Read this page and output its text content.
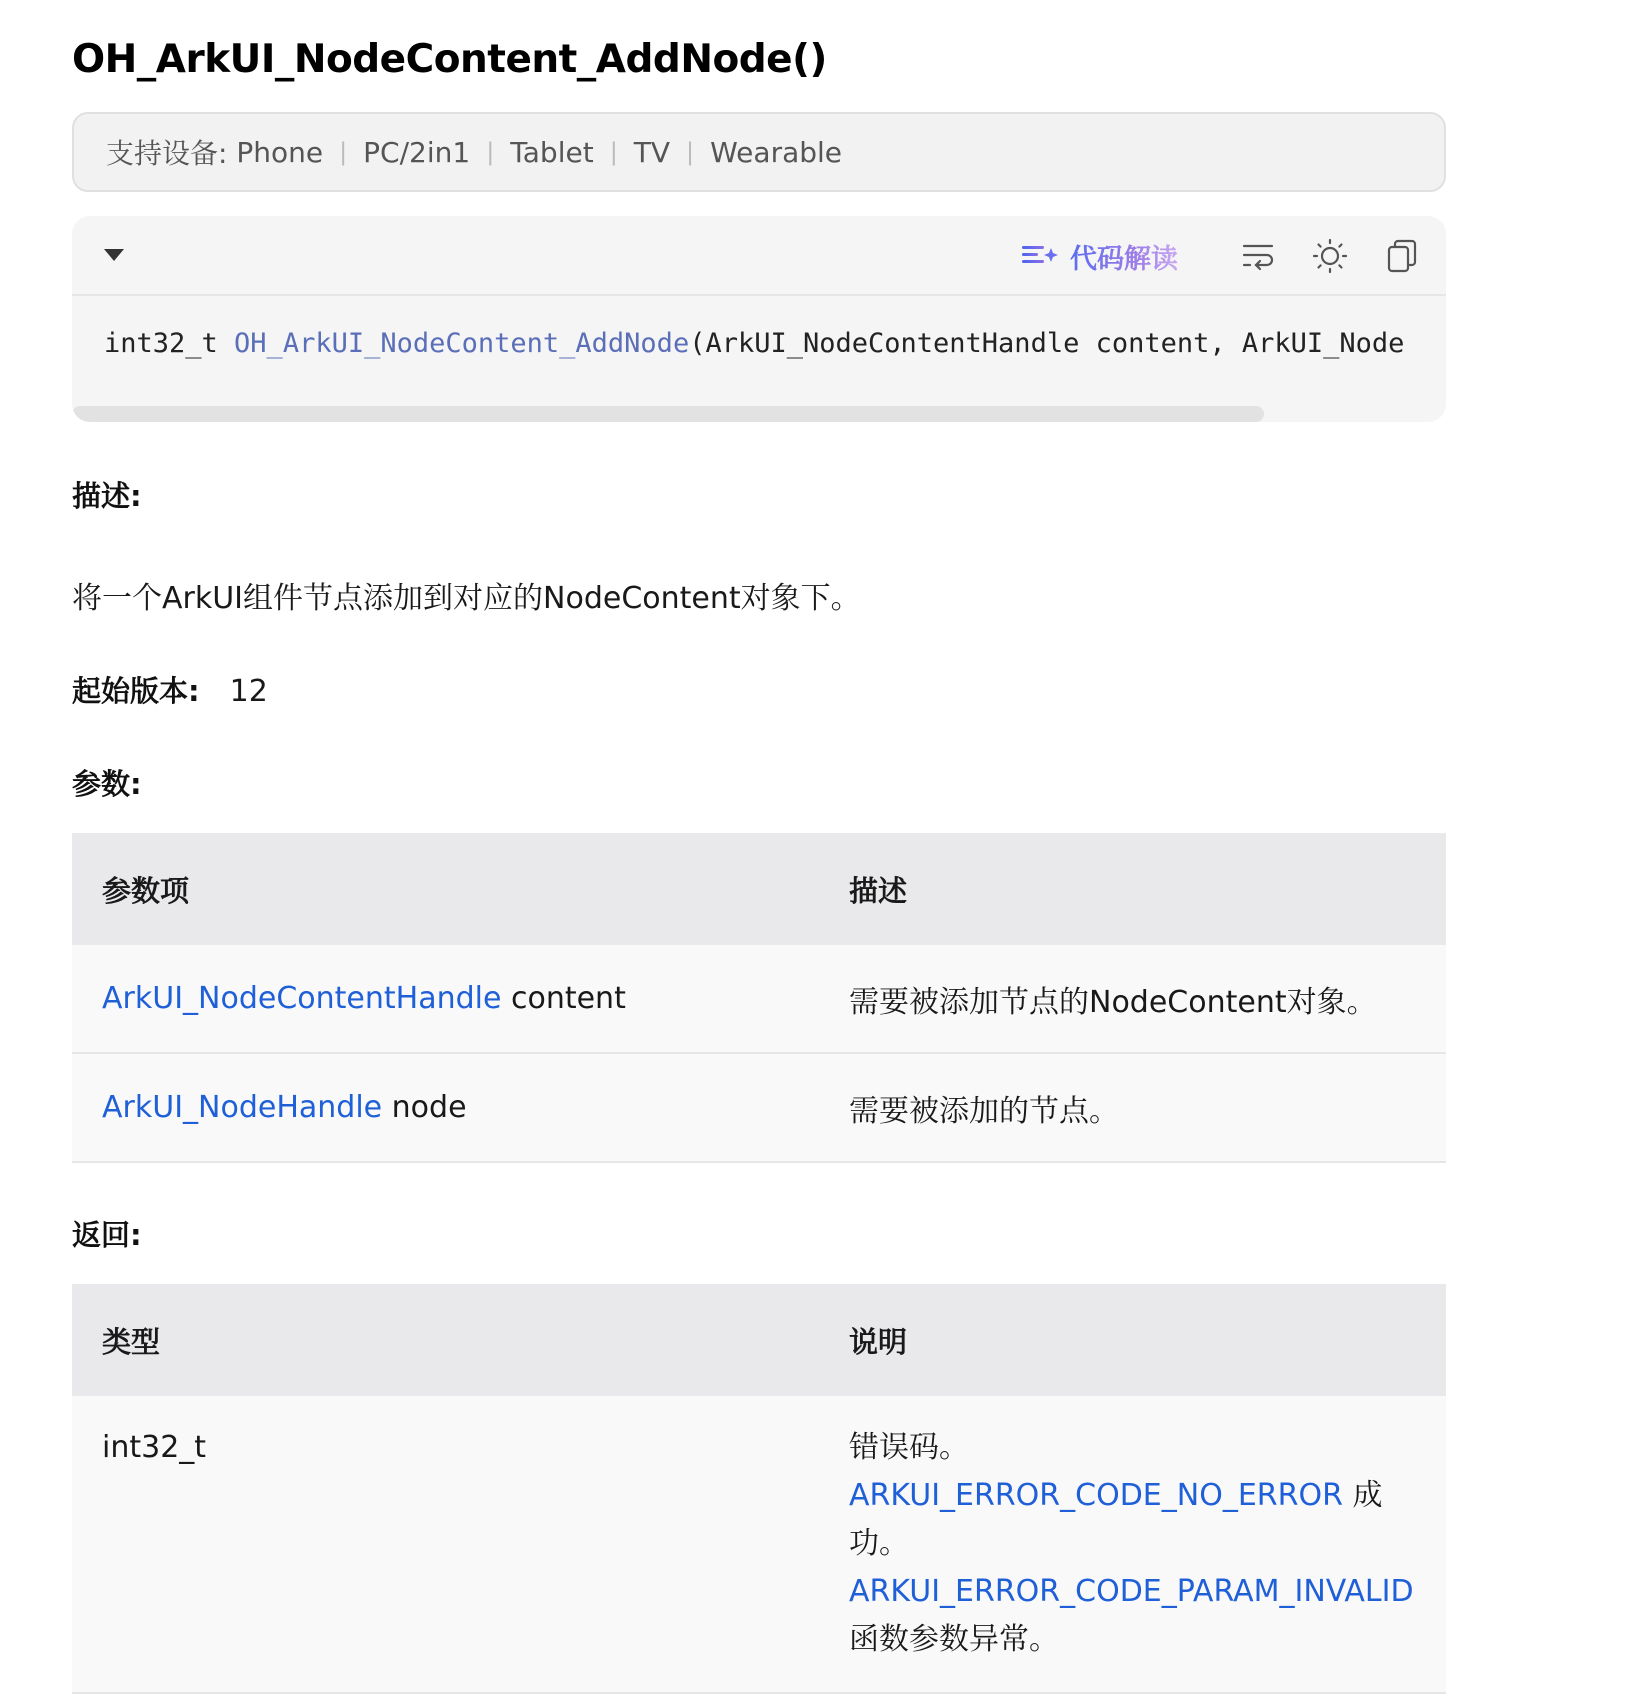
OH_ArkUI_NodeContent_AddNode()
支持设备:
Phone | PC/2in1 | Tablet | TV | Wearable
代码解读
int32_t OH_ArkUI_NodeContent_AddNode(ArkUI_NodeContentHandle content, ArkUI_Node

描述:

将一个ArkUI组件节点添加到对应的NodeContent对象下。

起始版本: 12

参数:

参数项	描述
ArkUI_NodeContentHandle content	需要被添加节点的NodeContent对象。
ArkUI_NodeHandle node	需要被添加的节点。

返回:

类型	说明
int32_t	错误码。
ARKUI_ERROR_CODE_NO_ERROR 成功。
ARKUI_ERROR_CODE_PARAM_INVALID 函数参数异常。
